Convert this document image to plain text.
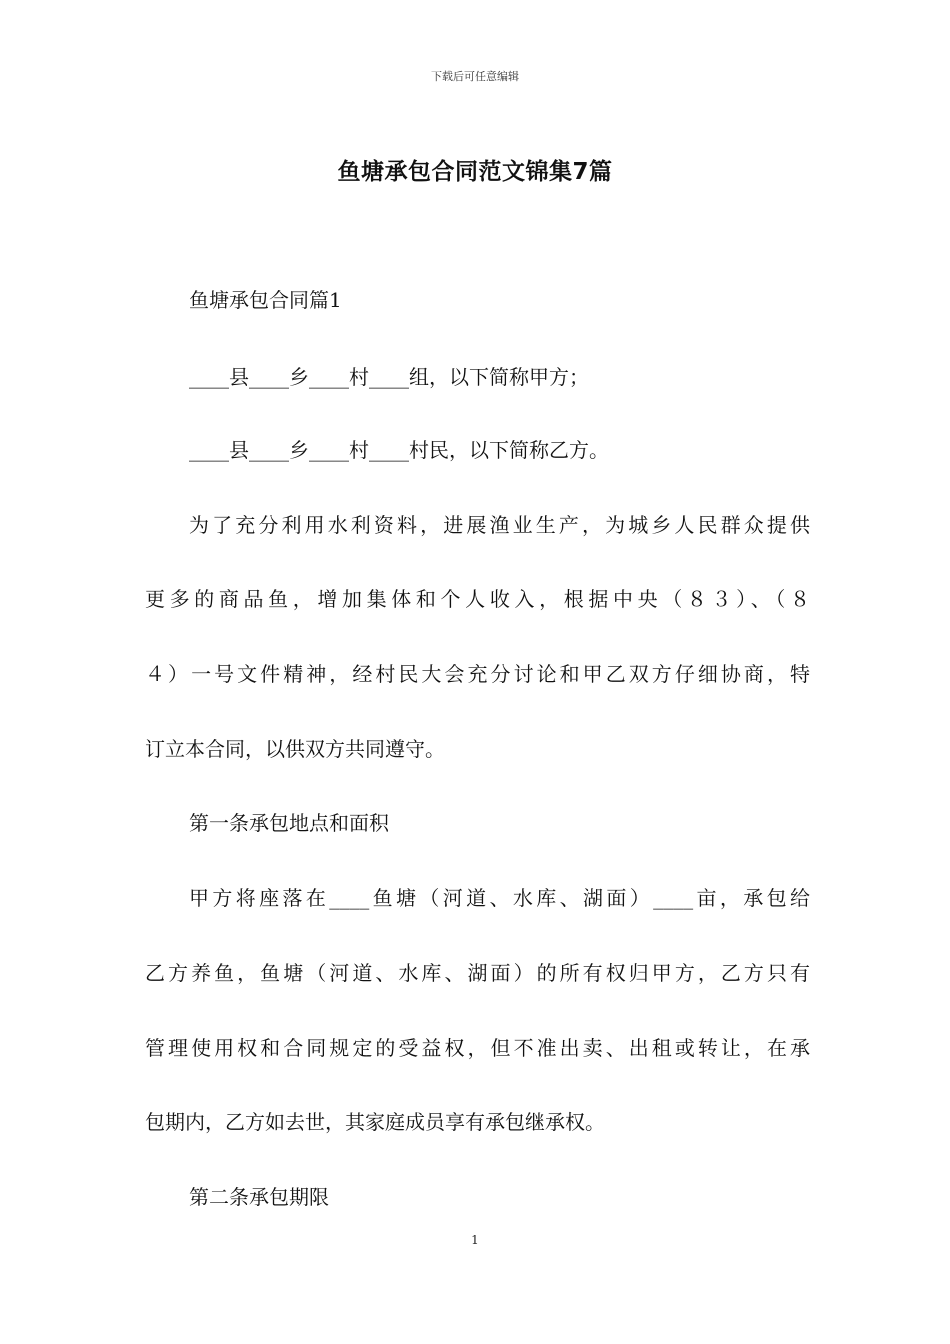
下载后可任意编辑
鱼塘承包合同范文锦集7篇
鱼塘承包合同篇1
____县____乡____村____组，以下简称甲方；
____县____乡____村____村民，以下简称乙方。
为了充分利用水利资料，进展渔业生产，为城乡人民群众提供
更多的商品鱼，增加集体和个人收入，根据中央（８３）、（８
４）一号文件精神，经村民大会充分讨论和甲乙双方仔细协商，特
订立本合同，以供双方共同遵守。
第一条承包地点和面积
甲方将座落在____鱼塘（河道、水库、湖面）____亩，承包给
乙方养鱼，鱼塘（河道、水库、湖面）的所有权归甲方，乙方只有
管理使用权和合同规定的受益权，但不准出卖、出租或转让，在承
包期内，乙方如去世，其家庭成员享有承包继承权。
第二条承包期限
1
